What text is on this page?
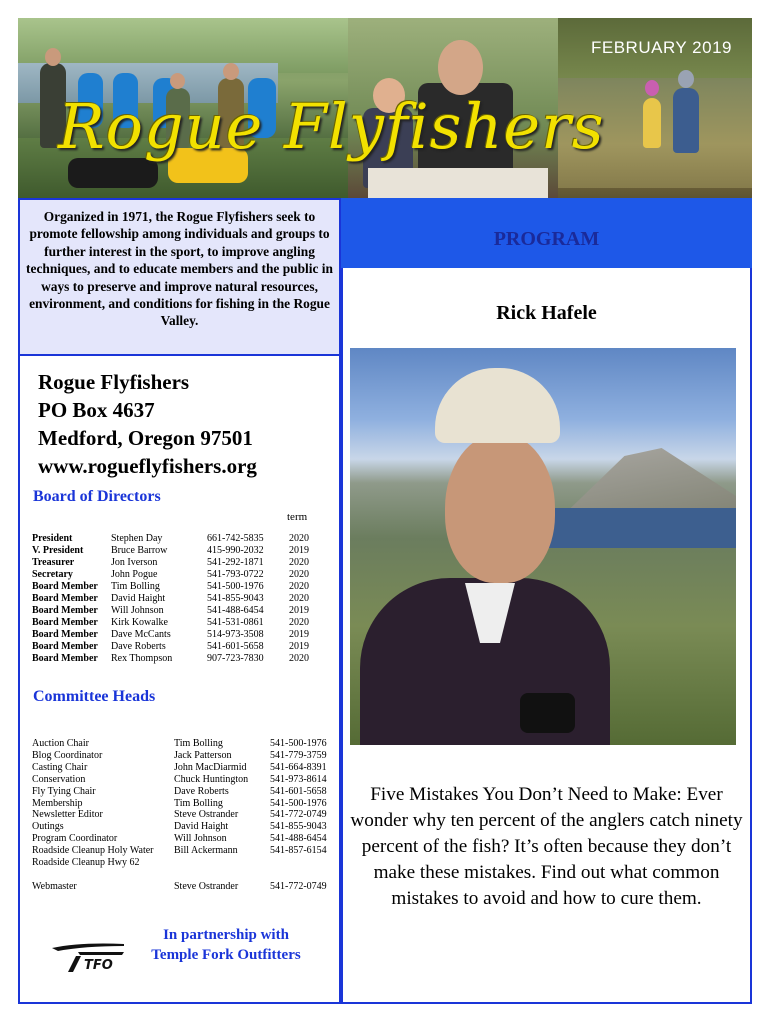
Rogue Flyfishers
FEBRUARY 2019
Organized in 1971, the Rogue Flyfishers seek to promote fellowship among individuals and groups to further interest in the sport, to improve angling techniques, and to educate members and the public in ways to preserve and improve natural resources, environment, and conditions for fishing in the Rogue Valley.
Rogue Flyfishers
PO Box 4637
Medford, Oregon 97501
www.rogueflyfishers.org
Board of Directors
term
President	Stephen Day	661-742-5835	2020
V. President	Bruce Barrow	415-990-2032	2019
Treasurer	Jon Iverson	541-292-1871	2020
Secretary	John Pogue	541-793-0722	2020
Board Member	Tim Bolling	541-500-1976	2020
Board Member	David Haight	541-855-9043	2020
Board Member	Will Johnson	541-488-6454	2019
Board Member	Kirk Kowalke	541-531-0861	2020
Board Member	Dave McCants	514-973-3508	2019
Board Member	Dave Roberts	541-601-5658	2019
Board Member	Rex Thompson	907-723-7830	2020
Committee Heads
Auction Chair	Tim Bolling	541-500-1976
Blog Coordinator	Jack Patterson	541-779-3759
Casting Chair	John MacDiarmid	541-664-8391
Conservation	Chuck Huntington	541-973-8614
Fly Tying Chair	Dave Roberts	541-601-5658
Membership	Tim Bolling	541-500-1976
Newsletter Editor	Steve Ostrander	541-772-0749
Outings	David Haight	541-855-9043
Program Coordinator	Will Johnson	541-488-6454
Roadside Cleanup Holy Water	Bill Ackermann	541-857-6154
Roadside Cleanup Hwy 62
Webmaster	Steve Ostrander	541-772-0749
TFO
In partnership with
Temple Fork Outfitters
PROGRAM
Rick Hafele
Five Mistakes You Don’t Need to Make: Ever wonder why ten percent of the anglers catch ninety percent of the fish? It’s often because they don’t make these mistakes. Find out what common mistakes to avoid and how to cure them.
